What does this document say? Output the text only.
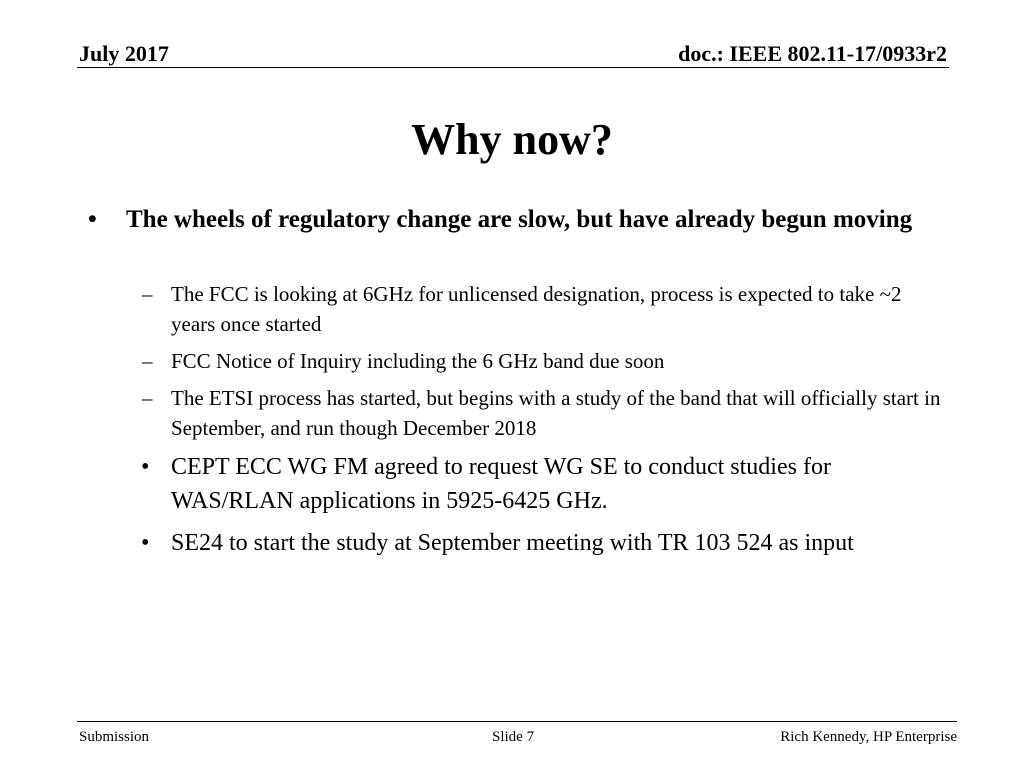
July 2017	doc.: IEEE 802.11-17/0933r2
Why now?
• The wheels of regulatory change are slow, but have already begun moving
– The FCC is looking at 6GHz for unlicensed designation, process is expected to take ~2 years once started
– FCC Notice of Inquiry including the 6 GHz band due soon
– The ETSI process has started, but begins with a study of the band that will officially start in September, and run though December 2018
• CEPT ECC WG FM agreed to request WG SE to conduct studies for WAS/RLAN applications in 5925-6425 GHz.
• SE24 to start the study at September meeting with TR 103 524 as input
Submission	Slide 7	Rich Kennedy, HP Enterprise
